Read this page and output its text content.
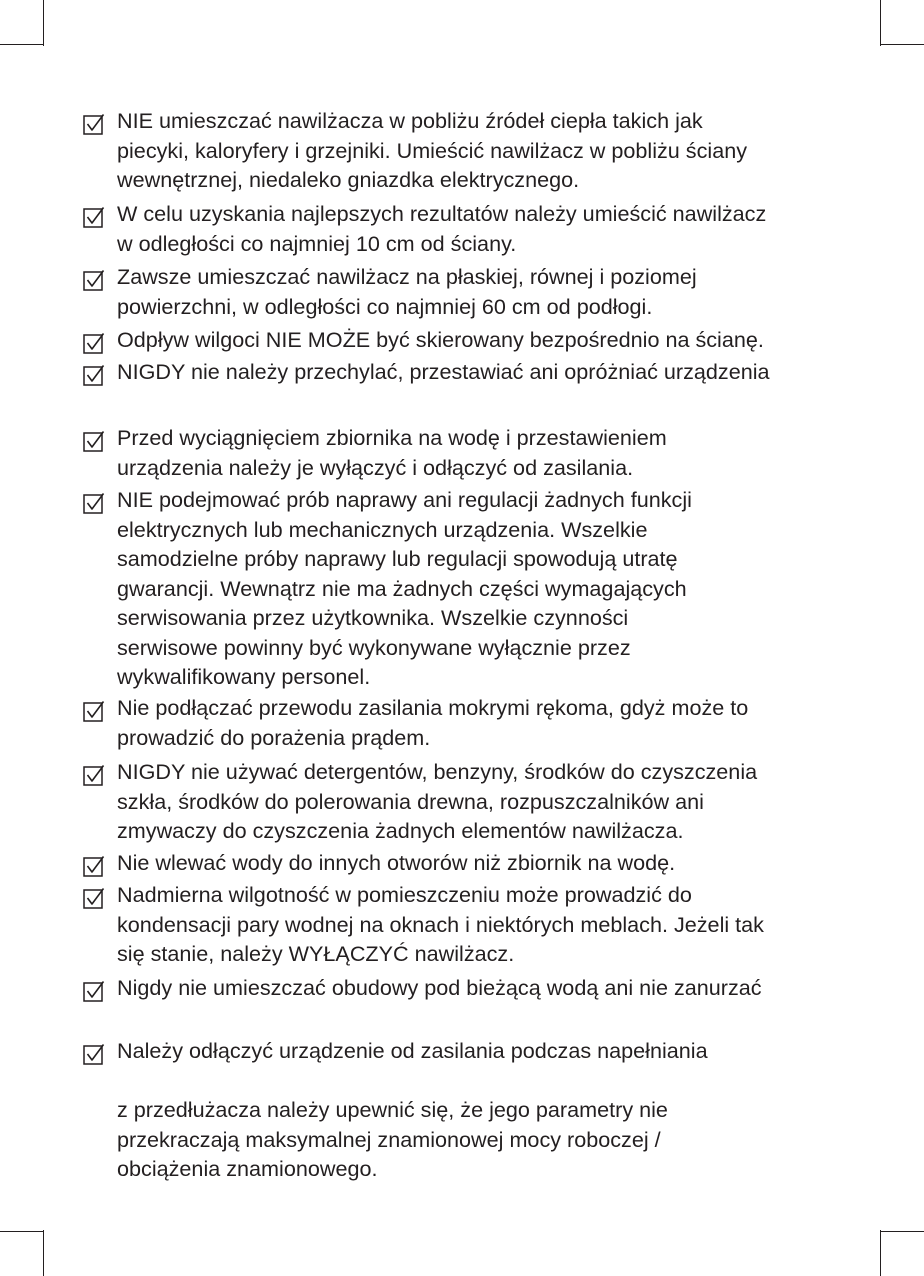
NIE umieszczać nawilżacza w pobliżu źródeł ciepła takich jak
piecyki, kaloryfery i grzejniki. Umieścić nawilżacz w pobliżu ściany
wewnętrznej, niedaleko gniazdka elektrycznego.
W celu uzyskania najlepszych rezultatów należy umieścić nawilżacz
w odległości co najmniej 10 cm od ściany.
Zawsze umieszczać nawilżacz na płaskiej, równej i poziomej
powierzchni, w odległości co najmniej 60 cm od podłogi.
Odpływ wilgoci NIE MOŻE być skierowany bezpośrednio na ścianę.
NIGDY nie należy przechylać, przestawiać ani opróżniać urządzenia
Przed wyciągnięciem zbiornika na wodę i przestawieniem
urządzenia należy je wyłączyć i odłączyć od zasilania.
NIE podejmować prób naprawy ani regulacji żadnych funkcji
elektrycznych lub mechanicznych urządzenia. Wszelkie
samodzielne próby naprawy lub regulacji spowodują utratę
gwarancji. Wewnątrz nie ma żadnych części wymagających
serwisowania przez użytkownika. Wszelkie czynności
serwisowe powinny być wykonywane wyłącznie przez
wykwalifikowany personel.
Nie podłączać przewodu zasilania mokrymi rękoma, gdyż może to
prowadzić do porażenia prądem.
NIGDY nie używać detergentów, benzyny, środków do czyszczenia
szkła, środków do polerowania drewna, rozpuszczalników ani
zmywaczy do czyszczenia żadnych elementów nawilżacza.
Nie wlewać wody do innych otworów niż zbiornik na wodę.
Nadmierna wilgotność w pomieszczeniu może prowadzić do
kondensacji pary wodnej na oknach i niektórych meblach. Jeżeli tak
się stanie, należy WYŁĄCZYĆ nawilżacz.
Nigdy nie umieszczać obudowy pod bieżącą wodą ani nie zanurzać
Należy odłączyć urządzenie od zasilania podczas napełniania
z przedłużacza należy upewnić się, że jego parametry nie
przekraczają maksymalnej znamionowej mocy roboczej /
obciążenia znamionowego.
